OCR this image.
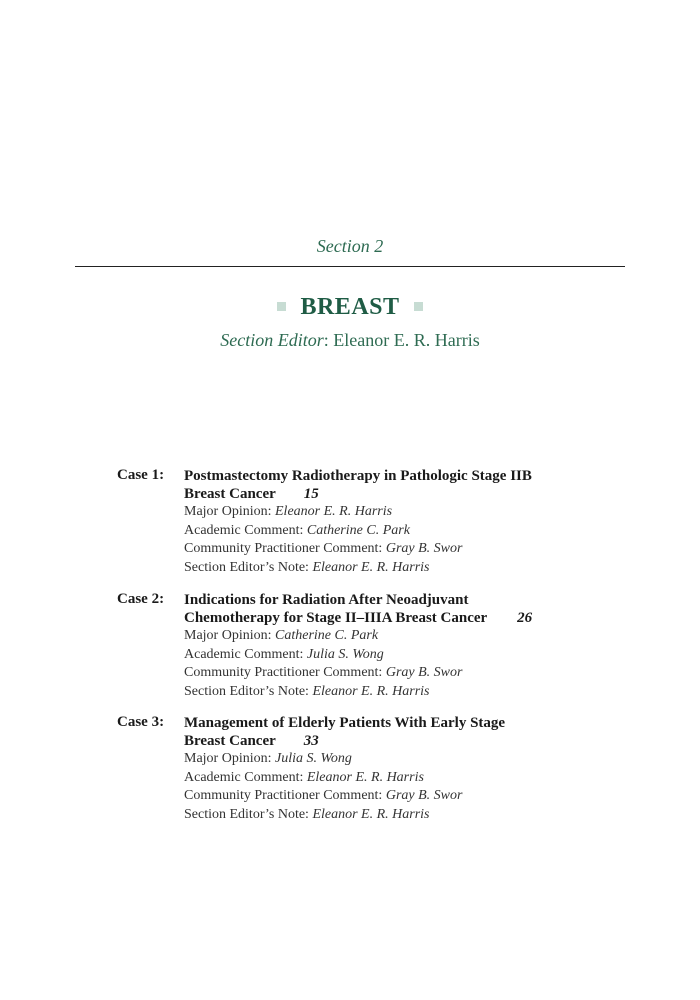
Section 2
BREAST
Section Editor: Eleanor E. R. Harris
Case 1: Postmastectomy Radiotherapy in Pathologic Stage IIB
Breast Cancer 15
Major Opinion: Eleanor E. R. Harris
Academic Comment: Catherine C. Park
Community Practitioner Comment: Gray B. Swor
Section Editor’s Note: Eleanor E. R. Harris
Case 2: Indications for Radiation After Neoadjuvant
Chemotherapy for Stage II–IIIA Breast Cancer 26
Major Opinion: Catherine C. Park
Academic Comment: Julia S. Wong
Community Practitioner Comment: Gray B. Swor
Section Editor’s Note: Eleanor E. R. Harris
Case 3: Management of Elderly Patients With Early Stage
Breast Cancer 33
Major Opinion: Julia S. Wong
Academic Comment: Eleanor E. R. Harris
Community Practitioner Comment: Gray B. Swor
Section Editor’s Note: Eleanor E. R. Harris
